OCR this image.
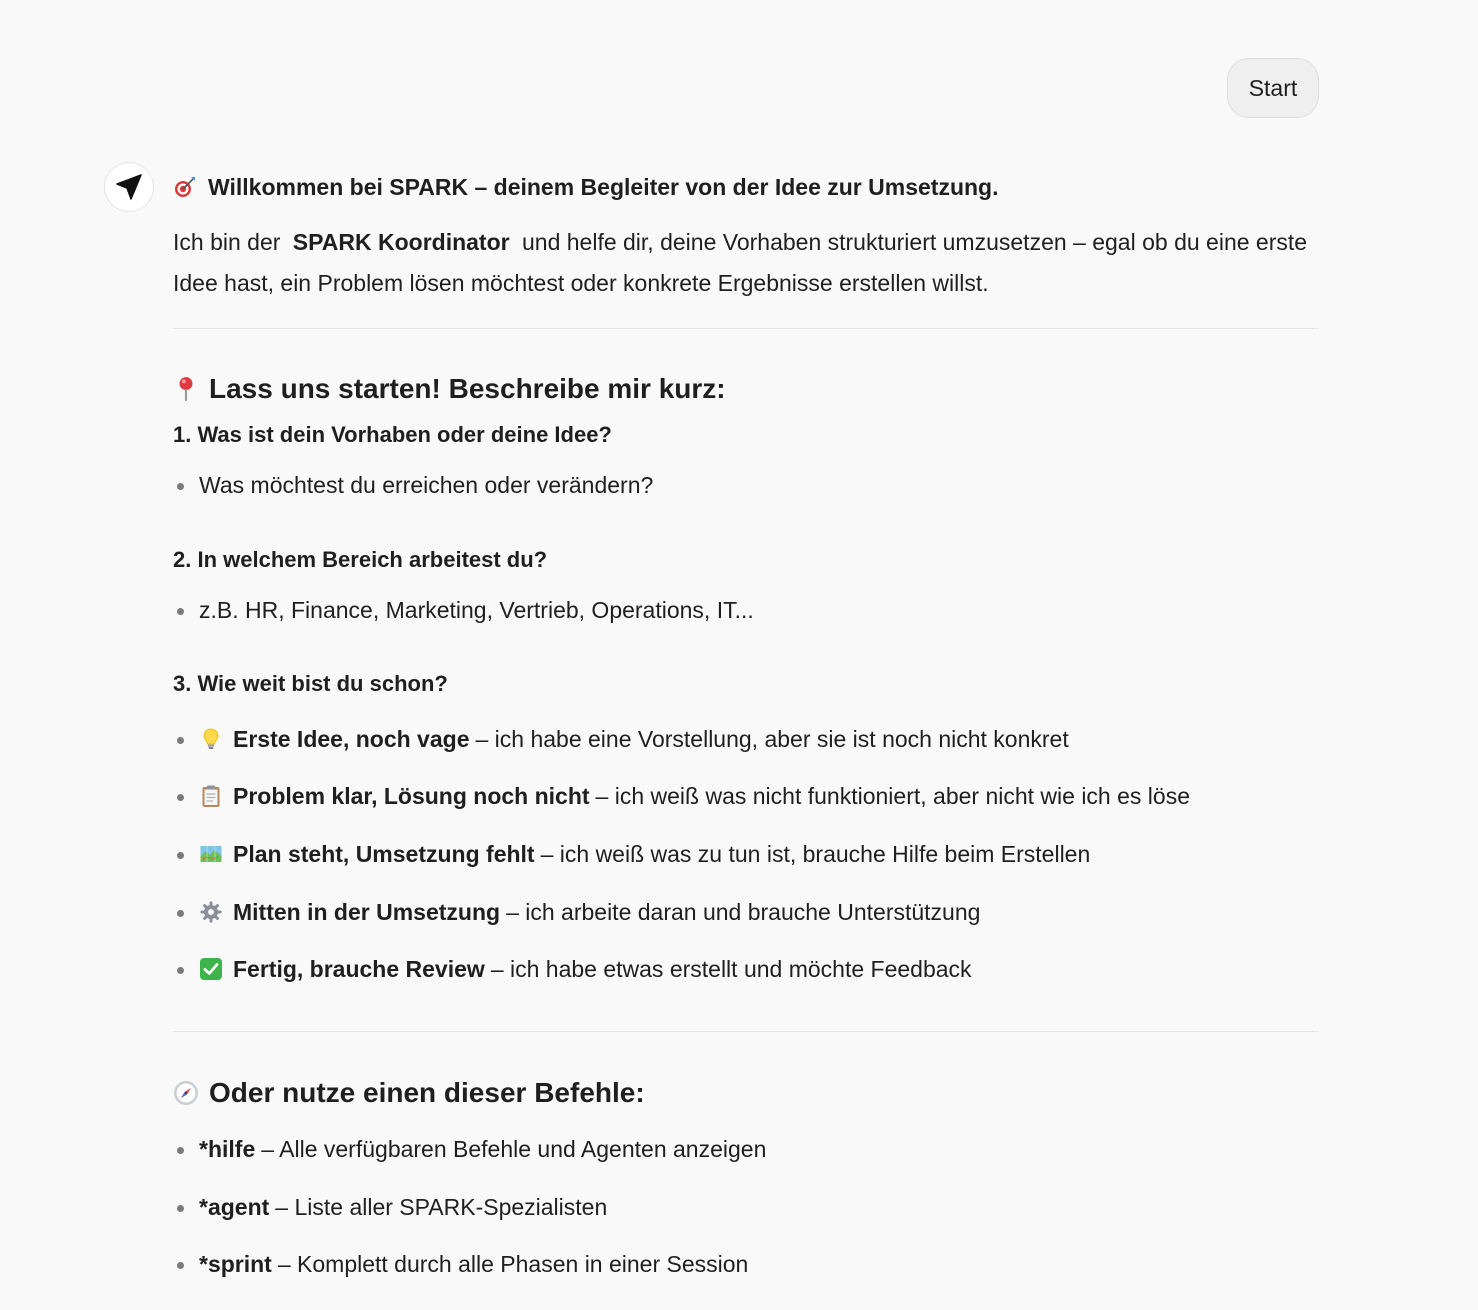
Start
Willkommen bei SPARK – deinem Begleiter von der Idee zur Umsetzung.
Ich bin der SPARK Koordinator und helfe dir, deine Vorhaben strukturiert umzusetzen – egal ob du eine erste Idee hast, ein Problem lösen möchtest oder konkrete Ergebnisse erstellen willst.
Lass uns starten! Beschreibe mir kurz:
1. Was ist dein Vorhaben oder deine Idee?
Was möchtest du erreichen oder verändern?
2. In welchem Bereich arbeitest du?
z.B. HR, Finance, Marketing, Vertrieb, Operations, IT...
3. Wie weit bist du schon?
Erste Idee, noch vage – ich habe eine Vorstellung, aber sie ist noch nicht konkret
Problem klar, Lösung noch nicht – ich weiß was nicht funktioniert, aber nicht wie ich es löse
Plan steht, Umsetzung fehlt – ich weiß was zu tun ist, brauche Hilfe beim Erstellen
Mitten in der Umsetzung – ich arbeite daran und brauche Unterstützung
Fertig, brauche Review – ich habe etwas erstellt und möchte Feedback
Oder nutze einen dieser Befehle:
*hilfe – Alle verfügbaren Befehle und Agenten anzeigen
*agent – Liste aller SPARK-Spezialisten
*sprint – Komplett durch alle Phasen in einer Session
